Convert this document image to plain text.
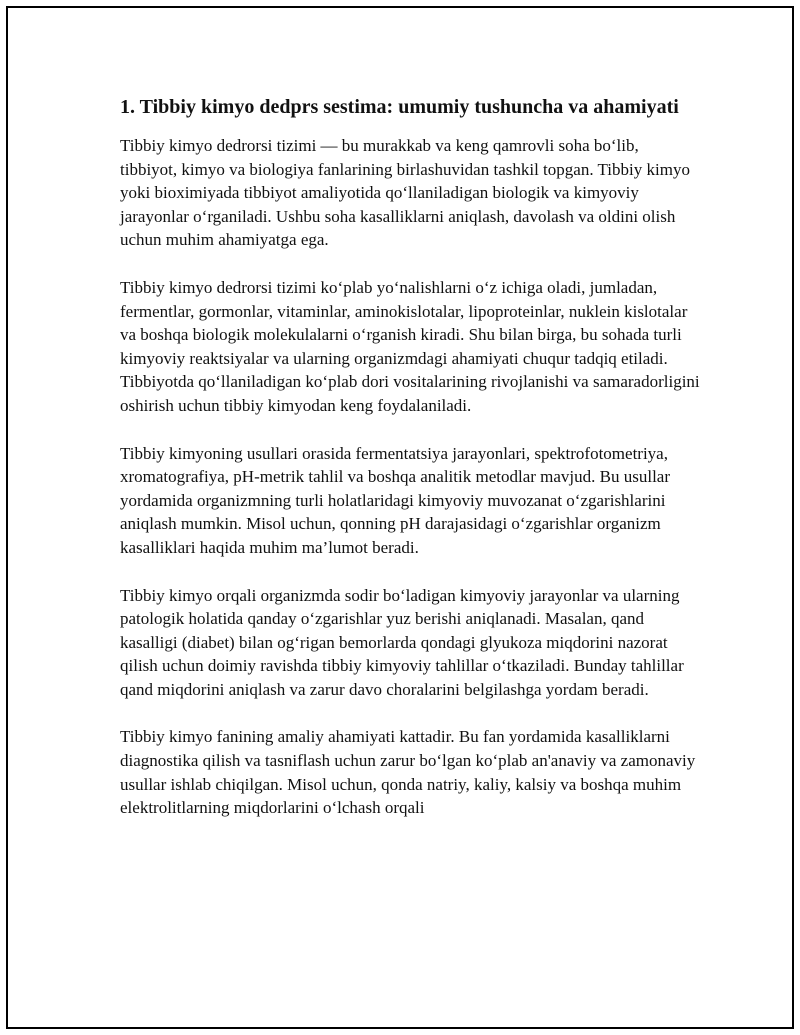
1. Tibbiy kimyo dedprs sestima: umumiy tushuncha va ahamiyati

Tibbiy kimyo dedrorsi tizimi — bu murakkab va keng qamrovli soha bo‘lib, tibbiyot, kimyo va biologiya fanlarining birlashuvidan tashkil topgan. Tibbiy kimyo yoki bioximiyada tibbiyot amaliyotida qo‘llaniladigan biologik va kimyoviy jarayonlar o‘rganiladi. Ushbu soha kasalliklarni aniqlash, davolash va oldini olish uchun muhim ahamiyatga ega.

Tibbiy kimyo dedrorsi tizimi ko‘plab yo‘nalishlarni o‘z ichiga oladi, jumladan, fermentlar, gormonlar, vitaminlar, aminokislotalar, lipoproteinlar, nuklein kislotalar va boshqa biologik molekulalarni o‘rganish kiradi. Shu bilan birga, bu sohada turli kimyoviy reaktsiyalar va ularning organizmdagi ahamiyati chuqur tadqiq etiladi. Tibbiyotda qo‘llaniladigan ko‘plab dori vositalarining rivojlanishi va samaradorligini oshirish uchun tibbiy kimyodan keng foydalaniladi.

Tibbiy kimyoning usullari orasida fermentatsiya jarayonlari, spektrofotometriya, xromatografiya, pH-metrik tahlil va boshqa analitik metodlar mavjud. Bu usullar yordamida organizmning turli holatlaridagi kimyoviy muvozanat o‘zgarishlarini aniqlash mumkin. Misol uchun, qonning pH darajasidagi o‘zgarishlar organizm kasalliklari haqida muhim ma’lumot beradi.

Tibbiy kimyo orqali organizmda sodir bo‘ladigan kimyoviy jarayonlar va ularning patologik holatida qanday o‘zgarishlar yuz berishi aniqlanadi. Masalan, qand kasalligi (diabet) bilan og‘rigan bemorlarda qondagi glyukoza miqdorini nazorat qilish uchun doimiy ravishda tibbiy kimyoviy tahlillar o‘tkaziladi. Bunday tahlillar qand miqdorini aniqlash va zarur davo choralarini belgilashga yordam beradi.

Tibbiy kimyo fanining amaliy ahamiyati kattadir. Bu fan yordamida kasalliklarni diagnostika qilish va tasniflash uchun zarur bo‘lgan ko‘plab an'anaviy va zamonaviy usullar ishlab chiqilgan. Misol uchun, qonda natriy, kaliy, kalsiy va boshqa muhim elektrolitlarning miqdorlarini o‘lchash orqali
